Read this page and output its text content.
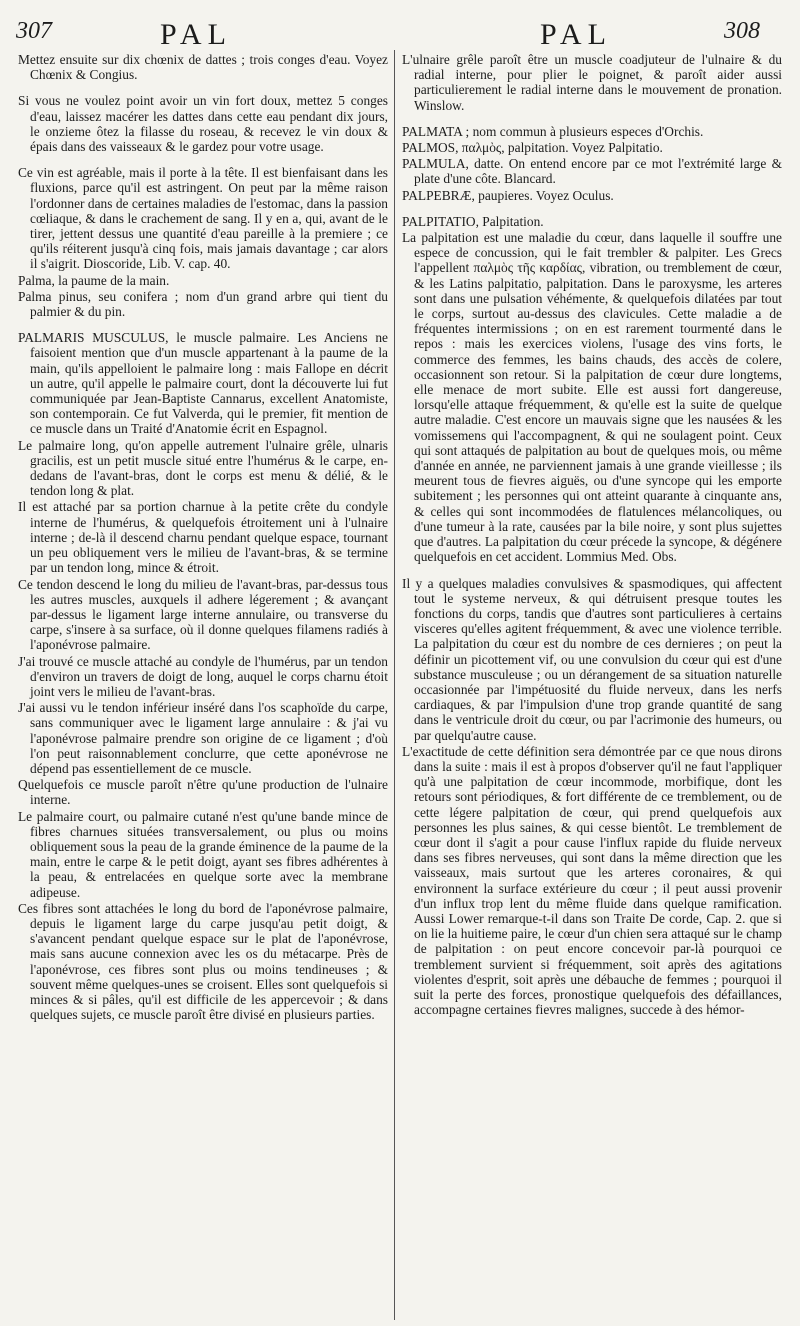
307	PAL	PAL	308

Mettez ensuite sur dix chœnix de dattes ; trois conges d'eau. Voyez Chœnix & Congius.

Si vous ne voulez point avoir un vin fort doux, mettez 5 conges d'eau, laissez macérer les dattes dans cette eau pendant dix jours, le onzieme ôtez la filasse du roseau, & recevez le vin doux & épais dans des vaisseaux & le gardez pour votre usage.

Ce vin est agréable, mais il porte à la tête. Il est bienfaisant dans les fluxions, parce qu'il est astringent. On peut par la même raison l'ordonner dans de certaines maladies de l'estomac, dans la passion cœliaque, & dans le crachement de sang. Il y en a, qui, avant de le tirer, jettent dessus une quantité d'eau pareille à la premiere ; ce qu'ils réiterent jusqu'à cinq fois, mais jamais davantage ; car alors il s'aigrit. Dioscoride, Lib. V. cap. 40.

Palma, la paume de la main.

Palma pinus, seu conifera ; nom d'un grand arbre qui tient du palmier & du pin.

PALMARIS MUSCULUS, le muscle palmaire. Les Anciens ne faisoient mention que d'un muscle appartenant à la paume de la main, qu'ils appelloient le palmaire long : mais Fallope en décrit un autre, qu'il appelle le palmaire court, dont la découverte lui fut communiquée par Jean-Baptiste Cannarus, excellent Anatomiste, son contemporain. Ce fut Valverda, qui le premier, fit mention de ce muscle dans un Traité d'Anatomie écrit en Espagnol.

Le palmaire long, qu'on appelle autrement l'ulnaire grêle, ulnaris gracilis, est un petit muscle situé entre l'humérus & le carpe, en-dedans de l'avant-bras, dont le corps est menu & délié, & le tendon long & plat.

Il est attaché par sa portion charnue à la petite crête du condyle interne de l'humérus, & quelquefois étroitement uni à l'ulnaire interne ; de-là il descend charnu pendant quelque espace, tournant un peu obliquement vers le milieu de l'avant-bras, & se termine par un tendon long, mince & étroit.

Ce tendon descend le long du milieu de l'avant-bras, par-dessus tous les autres muscles, auxquels il adhere légerement ; & avançant par-dessus le ligament large interne annulaire, ou transverse du carpe, s'insere à sa surface, où il donne quelques filamens radiés à l'aponévrose palmaire.

J'ai trouvé ce muscle attaché au condyle de l'humérus, par un tendon d'environ un travers de doigt de long, auquel le corps charnu étoit joint vers le milieu de l'avant-bras.

J'ai aussi vu le tendon inférieur inséré dans l'os scaphoïde du carpe, sans communiquer avec le ligament large annulaire : & j'ai vu l'aponévrose palmaire prendre son origine de ce ligament ; d'où l'on peut raisonnablement conclurre, que cette aponévrose ne dépend pas essentiellement de ce muscle.

Quelquefois ce muscle paroît n'être qu'une production de l'ulnaire interne.

Le palmaire court, ou palmaire cutané n'est qu'une bande mince de fibres charnues situées transversalement, ou plus ou moins obliquement sous la peau de la grande éminence de la paume de la main, entre le carpe & le petit doigt, ayant ses fibres adhérentes à la peau, & entrelacées en quelque sorte avec la membrane adipeuse.

Ces fibres sont attachées le long du bord de l'aponévrose palmaire, depuis le ligament large du carpe jusqu'au petit doigt, & s'avancent pendant quelque espace sur le plat de l'aponévrose, mais sans aucune connexion avec les os du métacarpe. Près de l'aponévrose, ces fibres sont plus ou moins tendineuses ; & souvent même quelques-unes se croisent. Elles sont quelquefois si minces & si pâles, qu'il est difficile de les appercevoir ; & dans quelques sujets, ce muscle paroît être divisé en plusieurs parties.

L'ulnaire grêle paroît être un muscle coadjuteur de l'ulnaire & du radial interne, pour plier le poignet, & paroît aider aussi particulierement le radial interne dans le mouvement de pronation. Winslow.

PALMATA ; nom commun à plusieurs especes d'Orchis.

PALMOS, παλμὸς, palpitation. Voyez Palpitatio.

PALMULA, datte. On entend encore par ce mot l'extrémité large & plate d'une côte. Blancard.

PALPEBRÆ, paupieres. Voyez Oculus.

PALPITATIO, Palpitation.

La palpitation est une maladie du cœur, dans laquelle il souffre une espece de concussion, qui le fait trembler & palpiter. Les Grecs l'appellent παλμὸς τῆς καρδίας, vibration, ou tremblement de cœur, & les Latins palpitatio, palpitation. Dans le paroxysme, les arteres sont dans une pulsation véhémente, & quelquefois dilatées par tout le corps, surtout au-dessus des clavicules. Cette maladie a de fréquentes intermissions ; on en est rarement tourmenté dans le repos : mais les exercices violens, l'usage des vins forts, le commerce des femmes, les bains chauds, des accès de colere, occasionnent son retour. Si la palpitation de cœur dure longtems, elle menace de mort subite. Elle est aussi fort dangereuse, lorsqu'elle attaque fréquemment, & qu'elle est la suite de quelque autre maladie. C'est encore un mauvais signe que les nausées & les vomissemens qui l'accompagnent, & qui ne soulagent point. Ceux qui sont attaqués de palpitation au bout de quelques mois, ou même d'année en année, ne parviennent jamais à une grande vieillesse ; ils meurent tous de fievres aiguës, ou d'une syncope qui les emporte subitement ; les personnes qui ont atteint quarante à cinquante ans, & celles qui sont incommodées de flatulences mélancoliques, ou d'une tumeur à la rate, causées par la bile noire, y sont plus sujettes que d'autres. La palpitation du cœur précede la syncope, & dégénere quelquefois en cet accident. Lommius Med. Obs.

Il y a quelques maladies convulsives & spasmodiques, qui affectent tout le systeme nerveux, & qui détruisent presque toutes les fonctions du corps, tandis que d'autres sont particulieres à certains visceres qu'elles agitent fréquemment, & avec une violence terrible. La palpitation du cœur est du nombre de ces dernieres ; on peut la définir un picottement vif, ou une convulsion du cœur qui est d'une substance musculeuse ; ou un dérangement de sa situation naturelle occasionnée par l'impétuosité du fluide nerveux, dans les nerfs cardiaques, & par l'impulsion d'une trop grande quantité de sang dans le ventricule droit du cœur, ou par l'acrimonie des humeurs, ou par quelqu'autre cause.

L'exactitude de cette définition sera démontrée par ce que nous dirons dans la suite : mais il est à propos d'observer qu'il ne faut l'appliquer qu'à une palpitation de cœur incommode, morbifique, dont les retours sont périodiques, & fort différente de ce tremblement, ou de cette légere palpitation de cœur, qui prend quelquefois aux personnes les plus saines, & qui cesse bientôt. Le tremblement de cœur dont il s'agit a pour cause l'influx rapide du fluide nerveux dans ses fibres nerveuses, qui sont dans la même direction que les vaisseaux, mais surtout que les arteres coronaires, & qui environnent la surface extérieure du cœur ; il peut aussi provenir d'un influx trop lent du même fluide dans quelque ramification. Aussi Lower remarque-t-il dans son Traite De corde, Cap. 2. que si on lie la huitieme paire, le cœur d'un chien sera attaqué sur le champ de palpitation : on peut encore concevoir par-là pourquoi ce tremblement survient si fréquemment, soit après des agitations violentes d'esprit, soit après une débauche de femmes ; pourquoi il suit la perte des forces, pronostique quelquefois des défaillances, accompagne certaines fievres malignes, succede à des hémor-
